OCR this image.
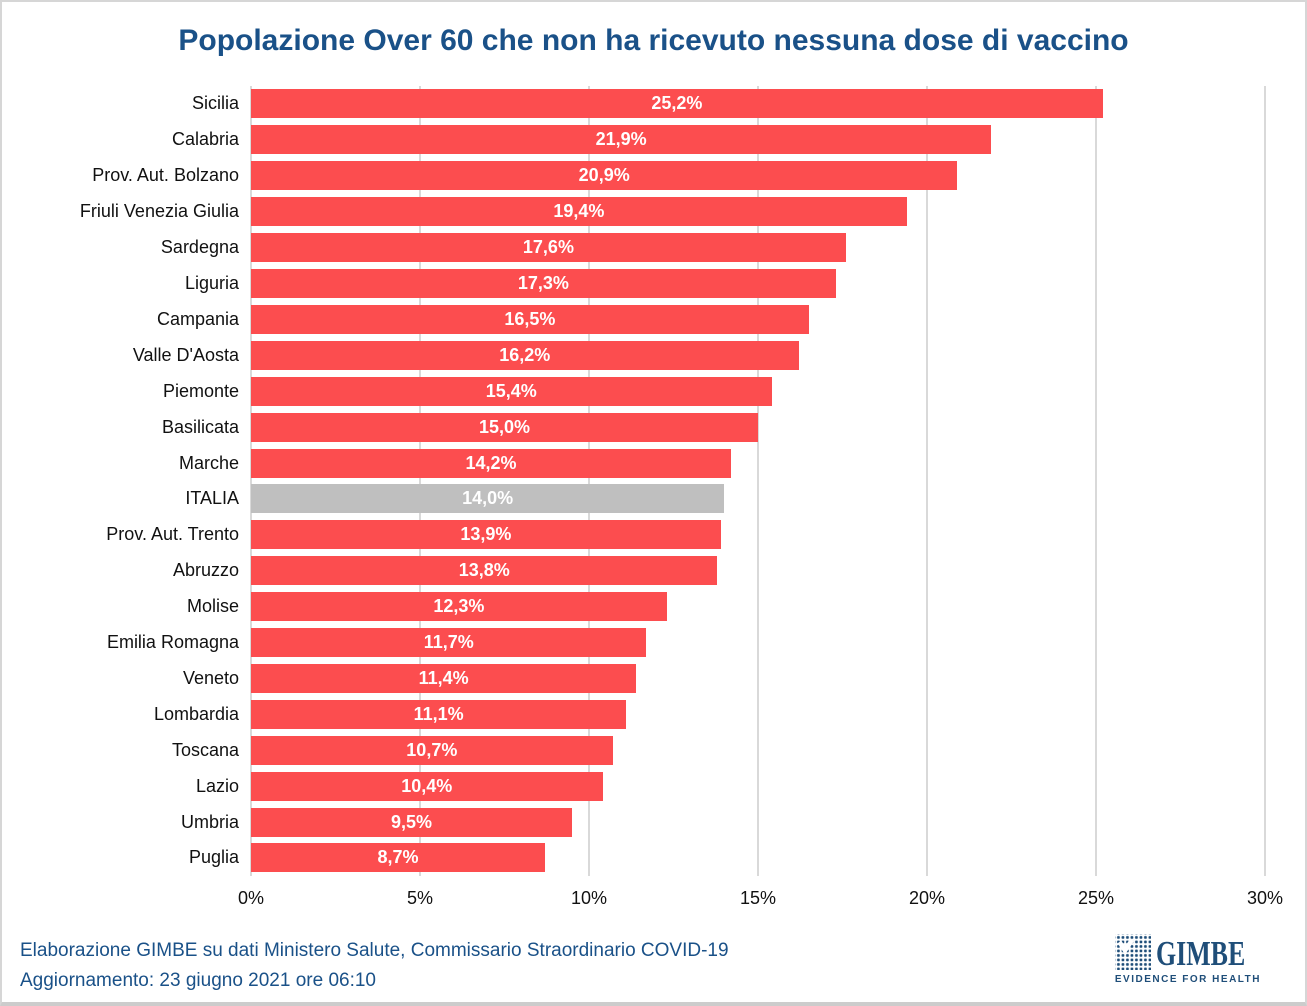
Popolazione Over 60 che non ha ricevuto nessuna dose di vaccino
Sicilia	25,2%
Calabria	21,9%
Prov. Aut. Bolzano	20,9%
Friuli Venezia Giulia	19,4%
Sardegna	17,6%
Liguria	17,3%
Campania	16,5%
Valle D'Aosta	16,2%
Piemonte	15,4%
Basilicata	15,0%
Marche	14,2%
ITALIA	14,0%
Prov. Aut. Trento	13,9%
Abruzzo	13,8%
Molise	12,3%
Emilia Romagna	11,7%
Veneto	11,4%
Lombardia	11,1%
Toscana	10,7%
Lazio	10,4%
Umbria	9,5%
Puglia	8,7%
0%	5%	10%	15%	20%	25%	30%
Elaborazione GIMBE su dati Ministero Salute, Commissario Straordinario COVID-19
Aggiornamento: 23 giugno 2021 ore 06:10
GIMBE
EVIDENCE FOR HEALTH
